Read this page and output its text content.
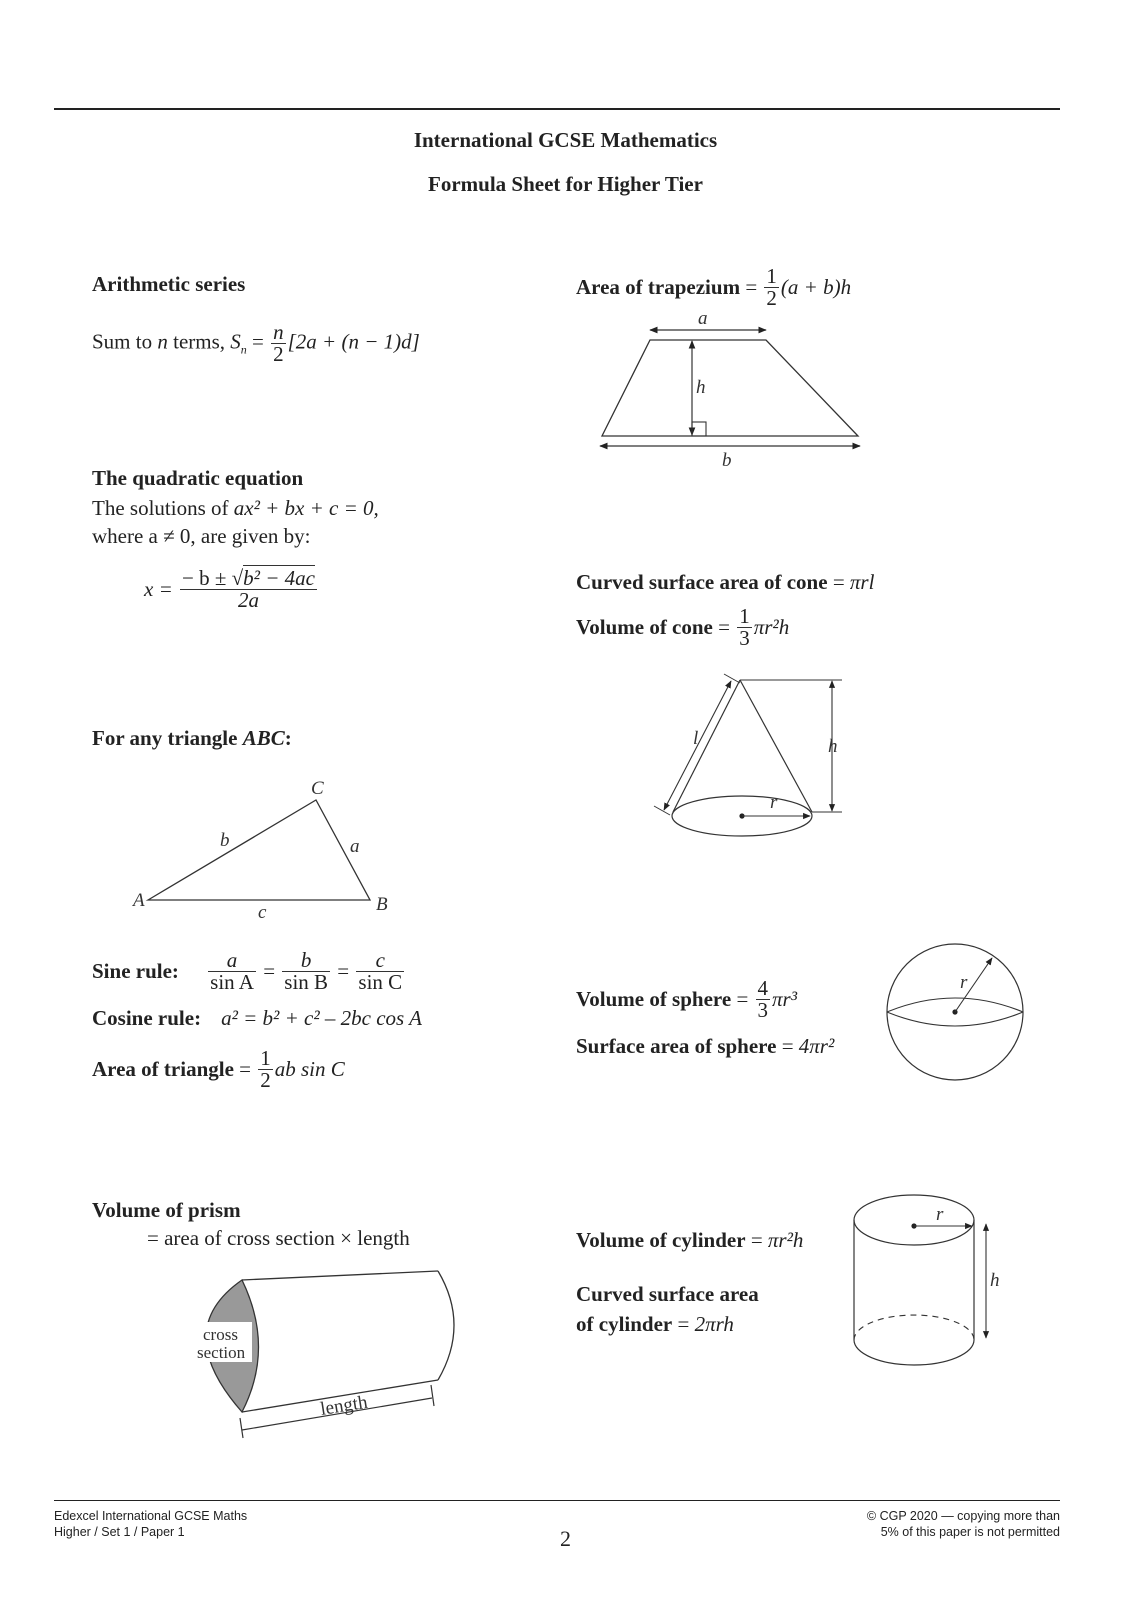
International GCSE Mathematics
Formula Sheet for Higher Tier
Arithmetic series
Sum to n terms, $S_n = \frac{n}{2} [2a + (n - 1)d]$
The quadratic equation
The solutions of ax² + bx + c = 0,
where a ≠ 0, are given by:
$x = \frac{\text{− b ± √b² − 4ac}}{2a}$
For any triangle ABC:
A	B
C
a
b
c
Sine rule: $\frac{a}{\text{sin A}} = \frac{b}{\text{sin B}} = \frac{c}{\text{sin C}}$
Cosine rule: a² = b² + c² – 2bc cos A
Area of triangle = $\frac{1}{2}$ ab sin C
Volume of prism
= area of cross section × length
cross
section
length
Area of trapezium = $\frac{1}{2} (a + b)h$
a
h
b
Curved surface area of cone = πrl
Volume of cone = $\frac{1}{3} \pi r^2h$
l	h
r
Volume of sphere = $\frac{4}{3} \pi r^3$
Surface area of sphere = 4πr²
r
Volume of cylinder = πr²h
Curved surface area
of cylinder = 2πrh
r
h
Edexcel International GCSE Maths
Higher / Set 1 / Paper 1	2
© CGP 2020 — copying more than
5% of this paper is not permitted
